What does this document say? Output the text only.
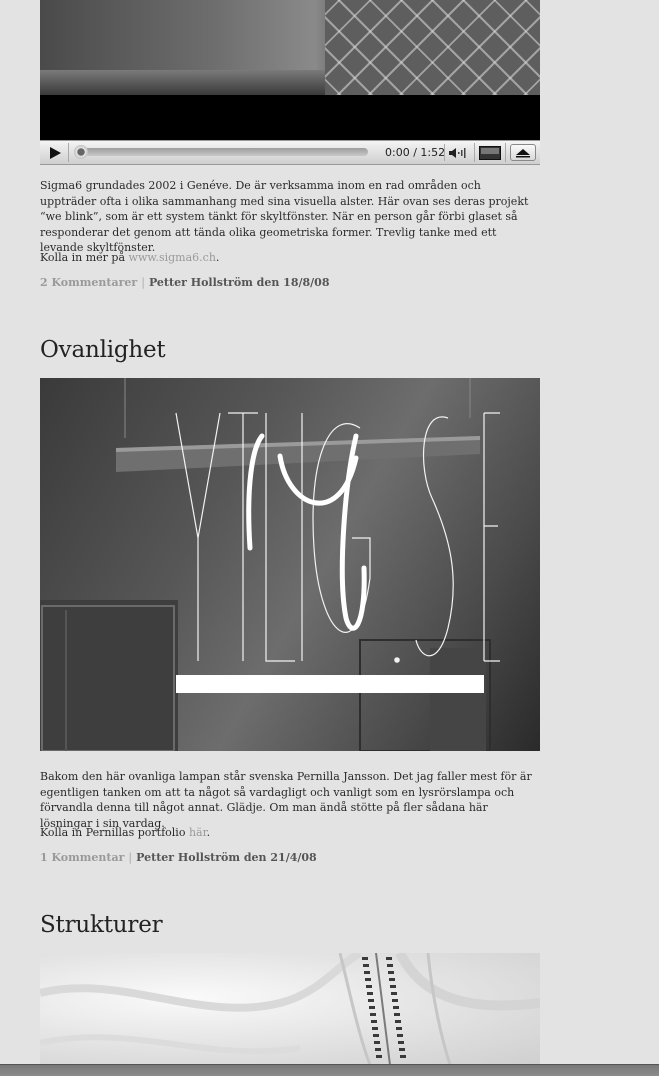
0:00 / 1:52

Sigma6 grundades 2002 i Genéve. De är verksamma inom en rad områden och uppträder ofta i olika sammanhang med sina visuella alster. Här ovan ses deras projekt “we blink”, som är ett system tänkt för skyltfönster. När en person går förbi glaset så responderar det genom att tända olika geometriska former. Trevlig tanke med ett levande skyltfönster.

Kolla in mer på www.sigma6.ch.
2 Kommentarer | Petter Hollström den 18/8/08
Ovanlighet

Bakom den här ovanliga lampan står svenska Pernilla Jansson. Det jag faller mest för är egentligen tanken om att ta något så vardagligt och vanligt som en lysrörslampa och förvandla denna till något annat. Glädje. Om man ändå stötte på fler sådana här lösningar i sin vardag.

Kolla in Pernillas portfolio här.
1 Kommentar | Petter Hollström den 21/4/08
Strukturer
